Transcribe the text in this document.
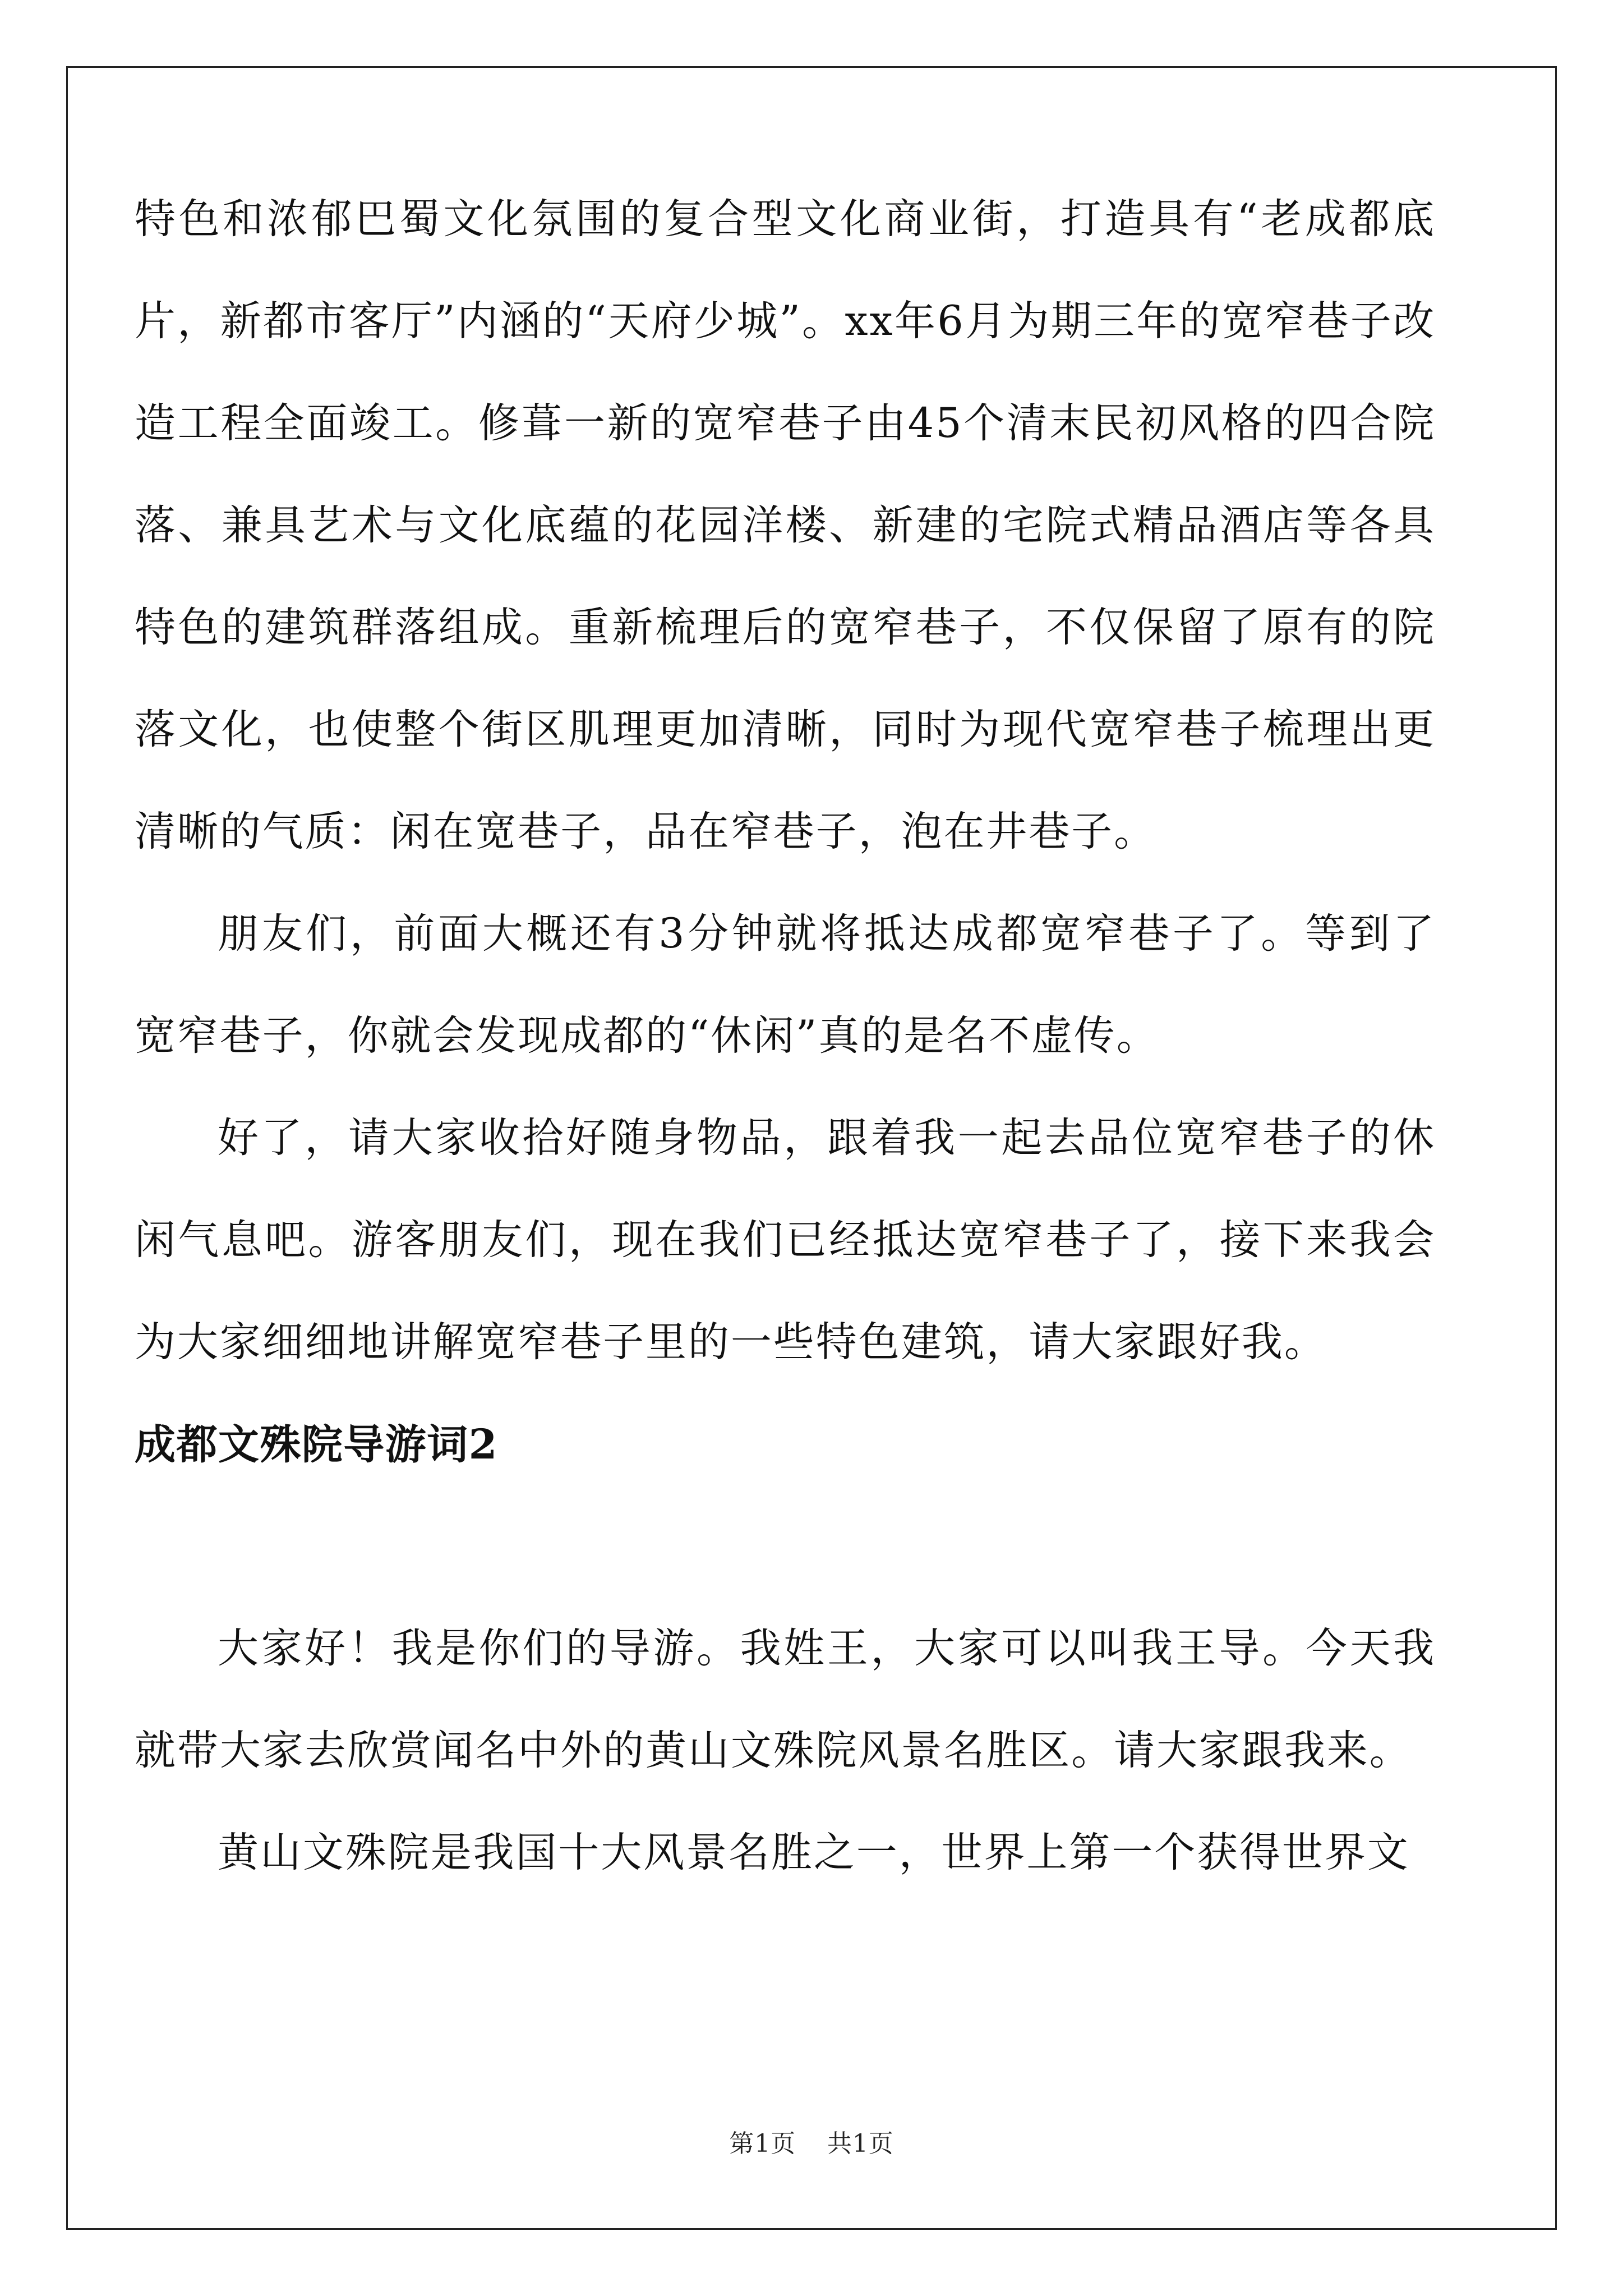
特色和浓郁巴蜀文化氛围的复合型文化商业街，打造具有“老成都底片，新都市客厅”内涵的“天府少城”。xx年6月为期三年的宽窄巷子改造工程全面竣工。修葺一新的宽窄巷子由45个清末民初风格的四合院落、兼具艺术与文化底蕴的花园洋楼、新建的宅院式精品酒店等各具特色的建筑群落组成。重新梳理后的宽窄巷子，不仅保留了原有的院落文化，也使整个街区肌理更加清晰，同时为现代宽窄巷子梳理出更清晰的气质：闲在宽巷子，品在窄巷子，泡在井巷子。

朋友们，前面大概还有3分钟就将抵达成都宽窄巷子了。等到了宽窄巷子，你就会发现成都的“休闲”真的是名不虚传。

好了，请大家收拾好随身物品，跟着我一起去品位宽窄巷子的休闲气息吧。游客朋友们，现在我们已经抵达宽窄巷子了，接下来我会为大家细细地讲解宽窄巷子里的一些特色建筑，请大家跟好我。

成都文殊院导游词2

大家好！我是你们的导游。我姓王，大家可以叫我王导。今天我就带大家去欣赏闻名中外的黄山文殊院风景名胜区。请大家跟我来。

黄山文殊院是我国十大风景名胜之一，世界上第一个获得世界文

第1页 共1页
